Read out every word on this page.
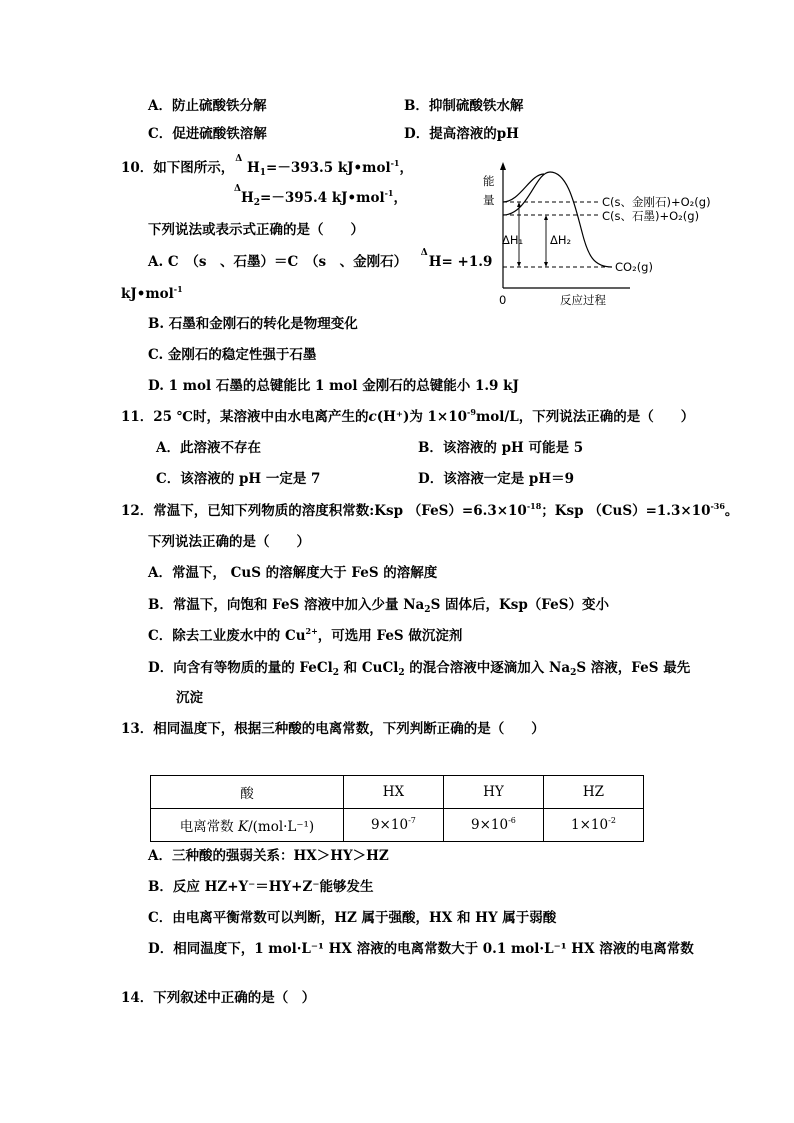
A．防止硫酸铁分解	B．抑制硫酸铁水解
C．促进硫酸铁溶解	D．提高溶液的pH
10．如下图所示，
Δ
$H_1=-393.5$ kJ•mol$^{-1}$，
Δ
$H_2=-395.4$ kJ•mol$^{-1}$，
下列说法或表示式正确的是（　　）
A. C　（s　、石墨）＝C　（s　、金刚石）
Δ
H= +1.9
kJ•mol$^{-1}$
B. 石墨和金刚石的转化是物理变化
C. 金刚石的稳定性强于石墨
D. 1 mol 石墨的总键能比 1 mol 金刚石的总键能小 1.9 kJ
能
量
0	反应过程
ΔH₁ ΔH₂
C(s、金刚石)+O₂(g)
C(s、石墨)+O₂(g)
CO₂(g)
11．25 ℃时，某溶液中由水电离产生的c(H⁺)为 $1\times 10^{-9}mol/L$，下列说法正确的是（　　）
A．此溶液不存在	B．该溶液的 pH 可能是 5
C．该溶液的 pH 一定是 7	D．该溶液一定是 pH＝9
12．常温下，已知下列物质的溶度积常数:Ksp $(FeS)=6.3\times 10^{-18}$；Ksp $(CuS)=1.3\times 10^{-36}$。
下列说法正确的是（　　）
A．常温下， CuS 的溶解度大于 FeS 的溶解度
B．常温下，向饱和 FeS 溶液中加入少量 $Na_2S$ 固体后，Ksp（FeS）变小
C．除去工业废水中的 $Cu^{2+}$，可选用 FeS 做沉淀剂
D．向含有等物质的量的 FeCl$_2$ 和 CuCl$_2$ 的混合溶液中逐滴加入 $Na_2S$ 溶液，FeS 最先
沉淀
13．相同温度下，根据三种酸的电离常数，下列判断正确的是（　　）
酸	HX	HY	HZ
电离常数 K/(mol·L⁻¹)	$9\times 10^{-7}$	$9\times 10^{-6}$	$1\times 10^{-2}$
A．三种酸的强弱关系：HX＞HY＞HZ
B．反应 HZ+Y⁻＝HY+Z⁻能够发生
C．由电离平衡常数可以判断，HZ 属于强酸，HX 和 HY 属于弱酸
D．相同温度下，1 mol·L⁻¹ HX 溶液的电离常数大于 0.1 mol·L⁻¹ HX 溶液的电离常数
14．下列叙述中正确的是（　）
